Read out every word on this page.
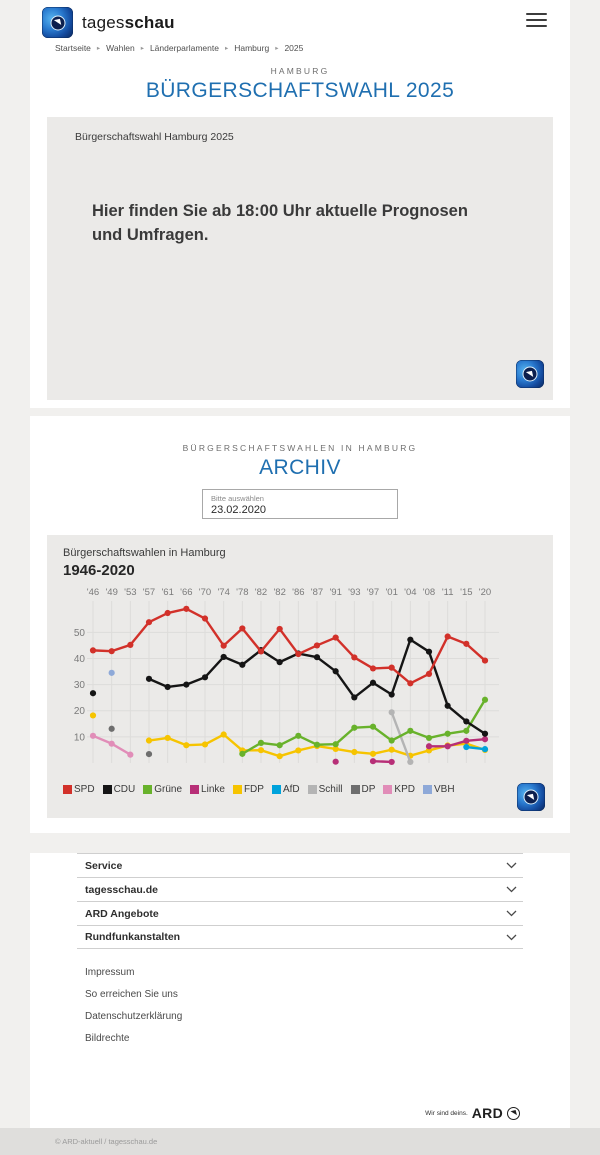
◥ tagesschau
Startseite ▸ Wahlen ▸ Länderparlamente ▸ Hamburg ▸ 2025
HAMBURG
BÜRGERSCHAFTSWAHL 2025
Bürgerschaftswahl Hamburg 2025
Hier finden Sie ab 18:00 Uhr aktuelle Prognosen und Umfragen.
◥
BÜRGERSCHAFTSWAHLEN IN HAMBURG
ARCHIV
Bitte auswählen
23.02.2020
Bürgerschaftswahlen in Hamburg
1946-2020
10
20
30
40
50
'46 '49 '53 '57 '61 '66 '70 '74 '78 '82 '82 '86 '87 '91 '93 '97 '01 '04 '08 '11 '15 '20
SPD CDU Grüne Linke FDP AfD Schill DP KPD VBH
◥
Service
tagesschau.de
ARD Angebote
Rundfunkanstalten
Impressum
So erreichen Sie uns
Datenschutzerklärung
Bildrechte
Wir sind deins. ARD ◥
© ARD-aktuell / tagesschau.de
